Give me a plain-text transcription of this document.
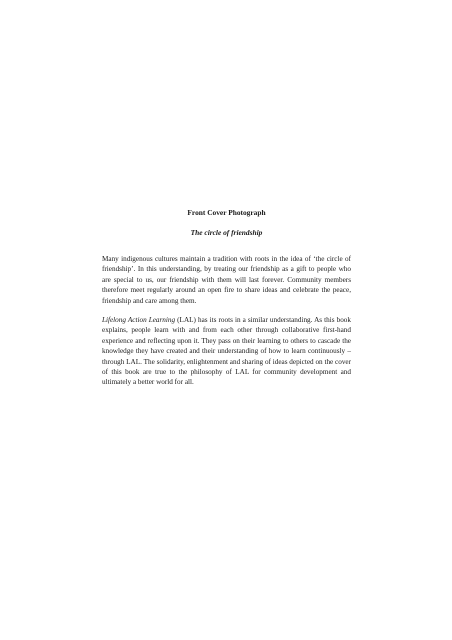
Front Cover Photograph

The circle of friendship

Many indigenous cultures maintain a tradition with roots in the idea of ‘the circle of friendship’. In this understanding, by treating our friendship as a gift to people who are special to us, our friendship with them will last forever. Community members therefore meet regularly around an open fire to share ideas and celebrate the peace, friendship and care among them.

Lifelong Action Learning (LAL) has its roots in a similar understanding. As this book explains, people learn with and from each other through collaborative first-hand experience and reflecting upon it. They pass on their learning to others to cascade the knowledge they have created and their understanding of how to learn continuously – through LAL. The solidarity, enlightenment and sharing of ideas depicted on the cover of this book are true to the philosophy of LAL for community development and ultimately a better world for all.
